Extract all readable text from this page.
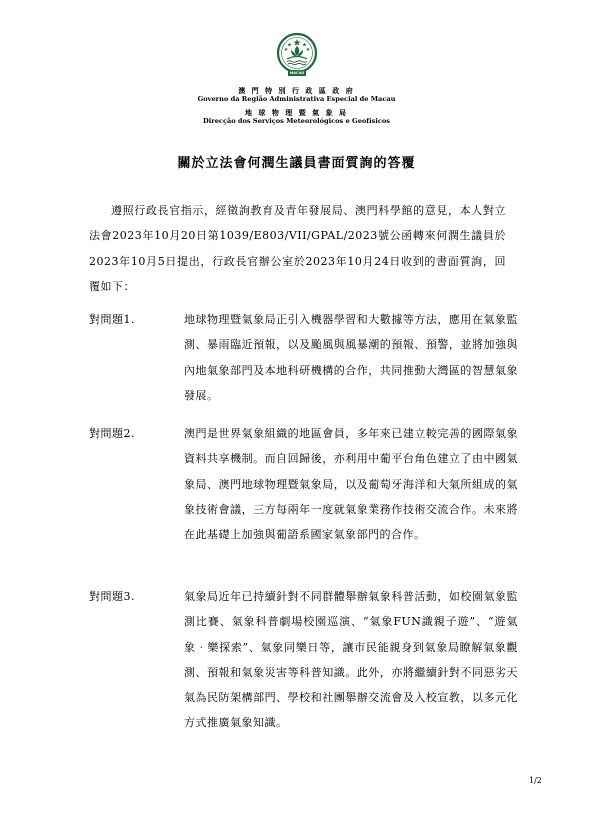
MACAU
澳 門 特 別 行 政 區 政 府
Governo da Região Administrativa Especial de Macau
地 球 物 理 暨 氣 象 局
Direcção dos Serviços Meteorológicos e Geofísicos
關於立法會何潤生議員書面質詢的答覆

遵照行政長官指示，經徵詢教育及青年發展局、澳門科學館的意見，本人對立法會2023年10月20日第1039/E803/VII/GPAL/2023號公函轉來何潤生議員於2023年10月5日提出，行政長官辦公室於2023年10月24日收到的書面質詢，回覆如下：

對問題1.	地球物理暨氣象局正引入機器學習和大數據等方法，應用在氣象監測、暴雨臨近預報，以及颱風與風暴潮的預報、預警，並將加強與內地氣象部門及本地科研機構的合作，共同推動大灣區的智慧氣象發展。

對問題2.	澳門是世界氣象組織的地區會員，多年來已建立較完善的國際氣象資料共享機制。而自回歸後，亦利用中葡平台角色建立了由中國氣象局、澳門地球物理暨氣象局，以及葡萄牙海洋和大氣所組成的氣象技術會議，三方每兩年一度就氣象業務作技術交流合作。未來將在此基礎上加強與葡語系國家氣象部門的合作。

對問題3.	氣象局近年已持續針對不同群體舉辦氣象科普活動，如校園氣象監測比賽、氣象科普劇場校園巡演、“氣象FUN識親子遊”、“遊氣象‧樂探索”、氣象同樂日等，讓市民能親身到氣象局瞭解氣象觀測、預報和氣象災害等科普知識。此外，亦將繼續針對不同惡劣天氣為民防架構部門、學校和社團舉辦交流會及入校宣教，以多元化方式推廣氣象知識。

1/2
